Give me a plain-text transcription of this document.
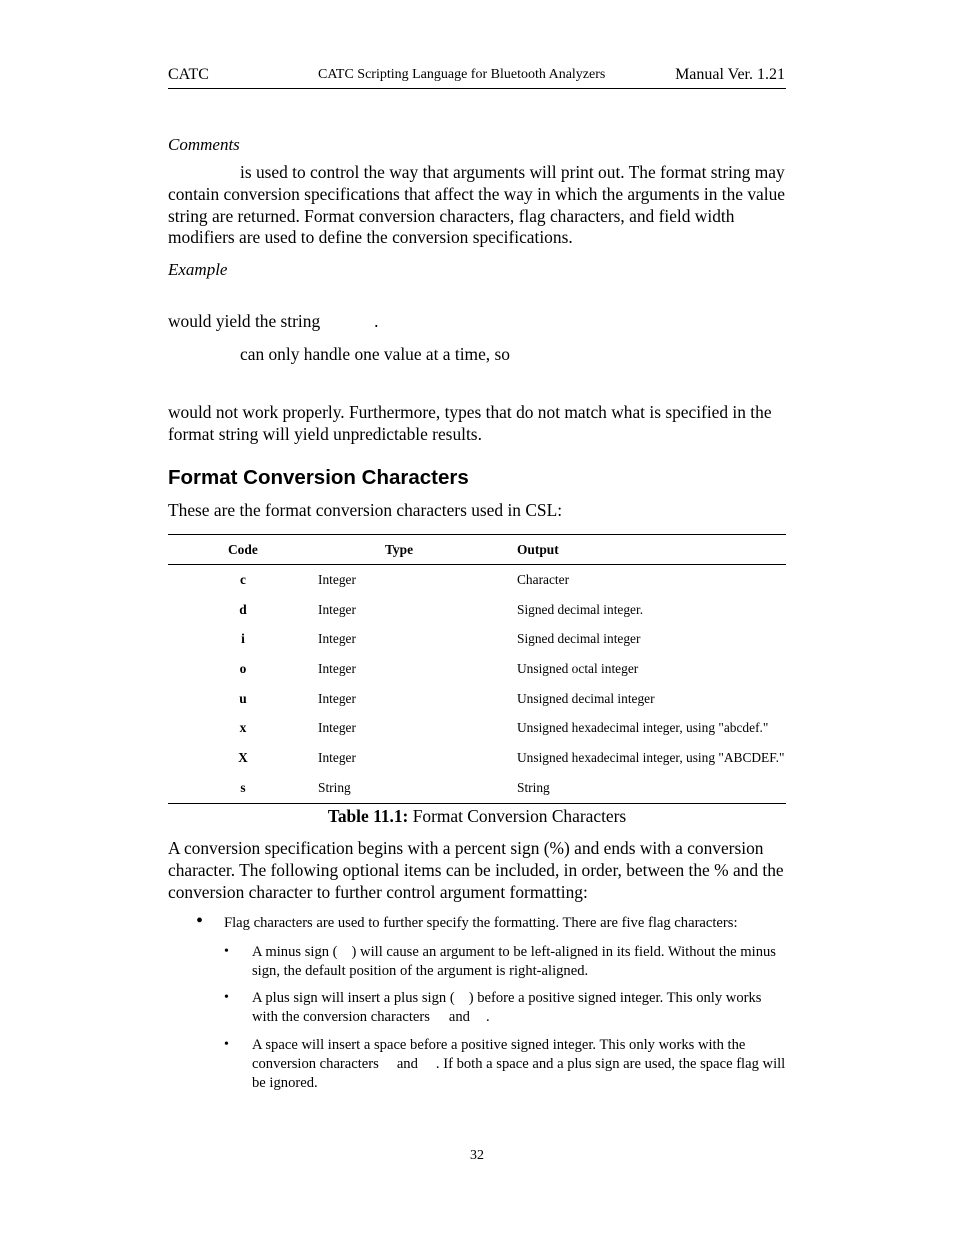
CATC	CATC Scripting Language for Bluetooth Analyzers	Manual Ver. 1.21
Comments
is used to control the way that arguments will print out. The format string may contain conversion specifications that affect the way in which the arguments in the value string are returned. Format conversion characters, flag characters, and field width modifiers are used to define the conversion specifications.
Example
would yield the string	.
can only handle one value at a time, so
would not work properly. Furthermore, types that do not match what is specified in the format string will yield unpredictable results.
Format Conversion Characters
These are the format conversion characters used in CSL:
Code	Type	Output
c	Integer	Character
d	Integer	Signed decimal integer.
i	Integer	Signed decimal integer
o	Integer	Unsigned octal integer
u	Integer	Unsigned decimal integer
x	Integer	Unsigned hexadecimal integer, using "abcdef."
X	Integer	Unsigned hexadecimal integer, using "ABCDEF."
s	String	String
Table 11.1: Format Conversion Characters
A conversion specification begins with a percent sign (%) and ends with a conversion character. The following optional items can be included, in order, between the % and the conversion character to further control argument formatting:
• Flag characters are used to further specify the formatting. There are five flag characters:
• A minus sign ( ) will cause an argument to be left-aligned in its field. Without the minus sign, the default position of the argument is right-aligned.
• A plus sign will insert a plus sign ( ) before a positive signed integer. This only works with the conversion characters and .
• A space will insert a space before a positive signed integer. This only works with the conversion characters and . If both a space and a plus sign are used, the space flag will be ignored.
32
